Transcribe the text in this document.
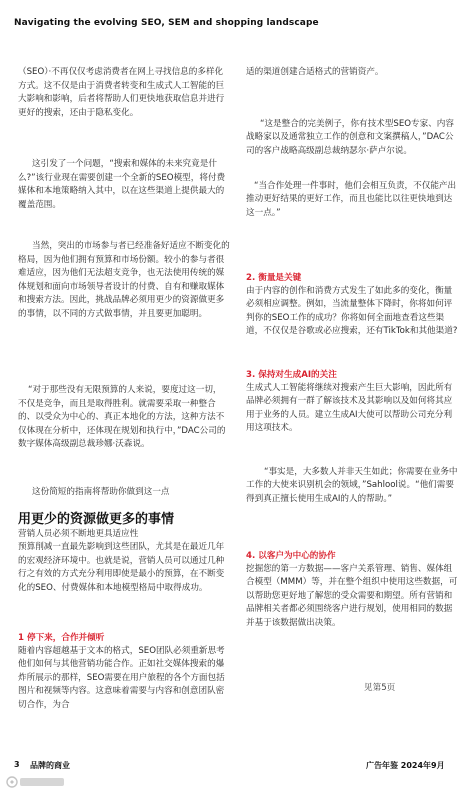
Navigating the evolving SEO, SEM and shopping landscape

（SEO）·不再仅仅考虑消费者在网上寻找信息的多样化方式。这不仅是由于消费者转变和生成式人工智能的巨大影响和影响，后者将帮助人们更快地获取信息并进行更好的搜索，还由于隐私变化。

这引发了一个问题，“搜索和媒体的未来究竟是什么?”该行业现在需要创建一个全新的SEO模型，将付费媒体和本地策略纳入其中，以在这些渠道上提供最大的覆盖范围。

当然，突出的市场参与者已经准备好适应不断变化的格局，因为他们拥有预算和市场份额。较小的参与者很难适应，因为他们无法超支竞争，也无法使用传统的媒体规划和面向市场领导者设计的付费、自有和赚取媒体和搜索方法。因此，挑战品牌必须用更少的资源做更多的事情，以不同的方式做事情，并且要更加聪明。

“对于那些没有无限预算的人来说，要度过这一切，不仅是竞争，而且是取得胜利。就需要采取一种整合的、以受众为中心的、真正本地化的方法，这种方法不仅体现在分析中，还体现在规划和执行中，”DAC公司的数字媒体高级副总裁珍娜·沃森说。

这份简短的指南将帮助你做到这一点

用更少的资源做更多的事情

营销人员必须不断地更具适应性
预算削减一直最先影响到这些团队，尤其是在最近几年的宏观经济环境中。也就是说，营销人员可以通过几种行之有效的方式充分利用即使是最小的预算，在不断变化的SEO、付费媒体和本地模型格局中取得成功。

1 停下来，合作并倾听

随着内容超越基于文本的格式，SEO团队必须重新思考他们如何与其他营销功能合作。正如社交媒体搜索的爆炸所展示的那样，SEO需要在用户旅程的各个方面包括图片和视频等内容。这意味着需要与内容和创意团队密切合作，为合

适的渠道创建合适格式的营销资产。

“这是整合的完美例子，你有技术型SEO专家、内容战略家以及通常独立工作的创意和文案撰稿人，”DAC公司的客户战略高级副总裁纳瑟尔·萨卢尔说。

“当合作处理一件事时，他们会相互负责，不仅能产出推动更好结果的更好工作，而且也能比以往更快地到达这一点。”

2. 衡量是关键

由于内容的创作和消费方式发生了如此多的变化，衡量必须相应调整。例如，当流量整体下降时，你将如何评判你的SEO工作的成功？你将如何全面地查看这些渠道，不仅仅是谷歌或必应搜索，还有TikTok和其他渠道?

3. 保持对生成AI的关注

生成式人工智能将继续对搜索产生巨大影响，因此所有品牌必须拥有一群了解该技术及其影响以及如何将其应用于业务的人员。建立生成AI大使可以帮助公司充分利用这项技术。

“事实是，大多数人并非天生如此；你需要在业务中工作的大使来识别机会的领域，”Sahlool说。“他们需要得到真正擅长使用生成AI的人的帮助。”

4. 以客户为中心的协作

挖掘您的第一方数据——客户关系管理、销售、媒体组合模型（MMM）等，并在整个组织中使用这些数据，可以帮助您更好地了解您的受众需要和期望。所有营销和品牌相关者都必须围绕客户进行规划，使用相同的数据并基于该数据做出决策。

见第5页
3 品牌的商业	广告年鉴 2024年9月
